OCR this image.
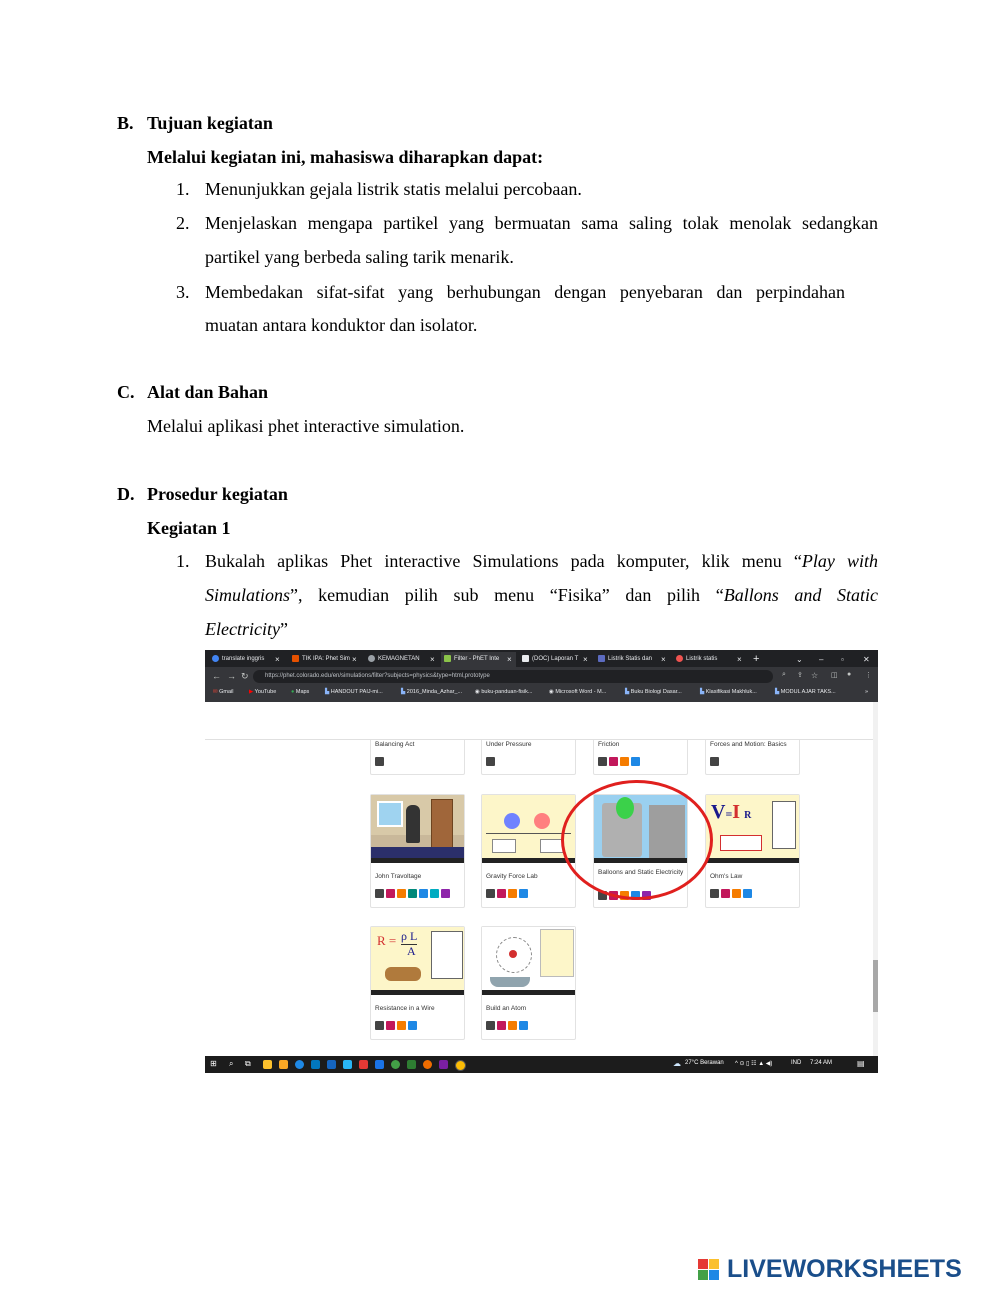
B. Tujuan kegiatan
Melalui kegiatan ini, mahasiswa diharapkan dapat:
1. Menunjukkan gejala listrik statis melalui percobaan.
2. Menjelaskan mengapa partikel yang bermuatan sama saling tolak menolak sedangkan
partikel yang berbeda saling tarik menarik.
3. Membedakan sifat-sifat yang berhubungan dengan penyebaran dan perpindahan
muatan antara konduktor dan isolator.
C. Alat dan Bahan
Melalui aplikasi phet interactive simulation.
D. Prosedur kegiatan
Kegiatan 1
1. Bukalah aplikas Phet interactive Simulations pada komputer, klik menu “Play with
Simulations”, kemudian pilih sub menu “Fisika” dan pilih “Ballons and Static
Electricity”
translate inggris	×	TIK IPA: Phet Sim ×	KEMAGNETAN	×	Filter - PhET Inte ×	(DOC) Laporan T ×	Listrik Statis dan	×	Listrik statis	× +	⌄ – ▫ ✕
← → ↻	https://phet.colorado.edu/en/simulations/filter?subjects=physics&type=html,prototype	⌕ ⇪ ☆ ◫ ● ⋮
✉ Gmail	▶ YouTube	● Maps	▙ HANDOUT PAIJ-mi...	▙ 2016_Minda_Azhar_... ◉ buku-panduan-fisik...	◉ Microsoft Word - M...	▙ Buku Biologi Dasar...	▙ Klasifikasi Makhluk...	▙ MODUL AJAR TAKS...	»
Balancing Act	Under Pressure	Friction	Forces and Motion: Basics
John Travoltage	Gravity Force Lab
Balloons and Static Electricity
V=I R
Ohm's Law
R = ρ L
A
Resistance in a Wire	Build an Atom
⊞ ⌕ ⧉	☁ 27°C Berawan ^ ⊙ ▯ ☷ ▲ ◀)	IND 7:24 AM	▤
LIVEWORKSHEETS
